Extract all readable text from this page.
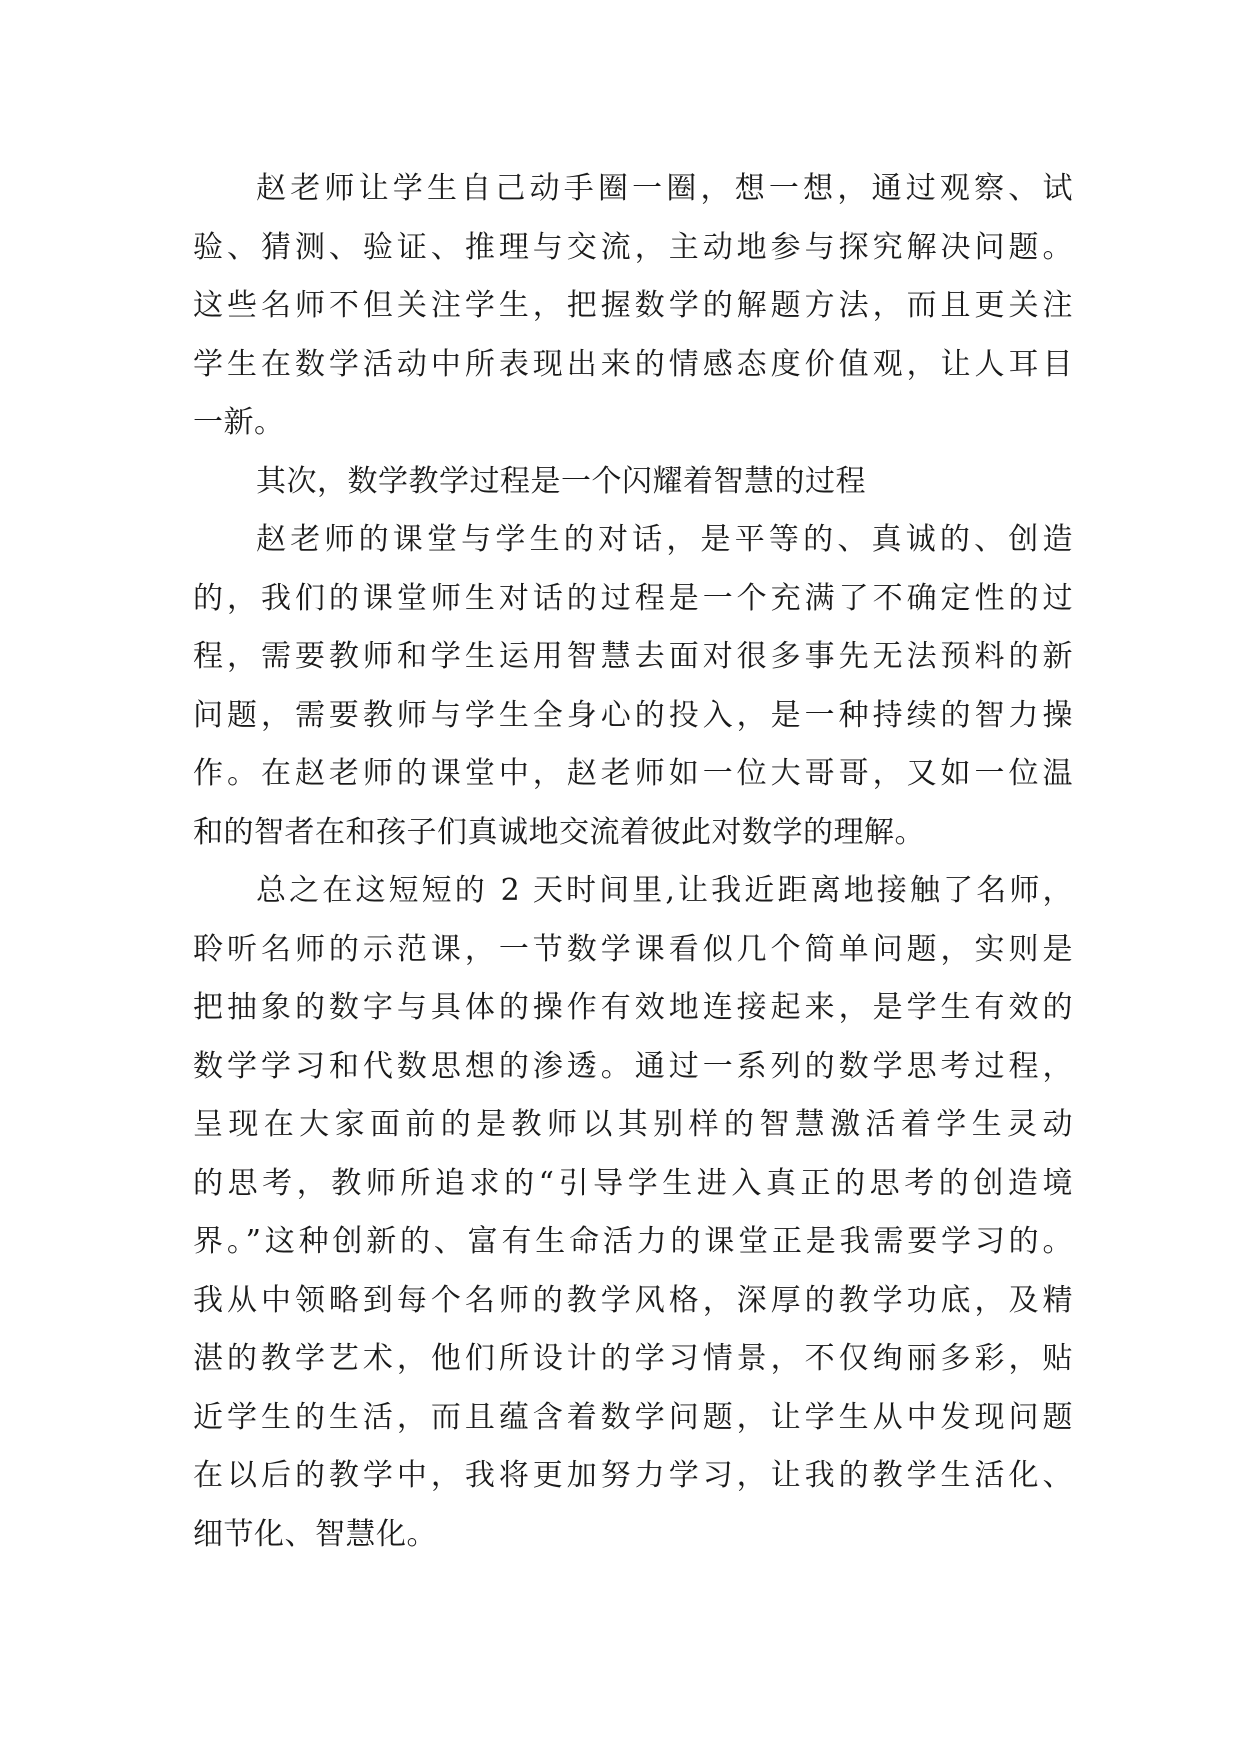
赵老师让学生自己动手圈一圈，想一想，通过观察、试
验、猜测、验证、推理与交流，主动地参与探究解决问题。
这些名师不但关注学生，把握数学的解题方法，而且更关注
学生在数学活动中所表现出来的情感态度价值观，让人耳目
一新。
其次，数学教学过程是一个闪耀着智慧的过程
赵老师的课堂与学生的对话，是平等的、真诚的、创造
的，我们的课堂师生对话的过程是一个充满了不确定性的过
程，需要教师和学生运用智慧去面对很多事先无法预料的新
问题，需要教师与学生全身心的投入，是一种持续的智力操
作。在赵老师的课堂中，赵老师如一位大哥哥，又如一位温
和的智者在和孩子们真诚地交流着彼此对数学的理解。
总之在这短短的 2 天时间里,让我近距离地接触了名师，
聆听名师的示范课，一节数学课看似几个简单问题，实则是
把抽象的数字与具体的操作有效地连接起来，是学生有效的
数学学习和代数思想的渗透。通过一系列的数学思考过程，
呈现在大家面前的是教师以其别样的智慧激活着学生灵动
的思考，教师所追求的“引导学生进入真正的思考的创造境
界。”这种创新的、富有生命活力的课堂正是我需要学习的。
我从中领略到每个名师的教学风格，深厚的教学功底，及精
湛的教学艺术，他们所设计的学习情景，不仅绚丽多彩，贴
近学生的生活，而且蕴含着数学问题，让学生从中发现问题
在以后的教学中，我将更加努力学习，让我的教学生活化、
细节化、智慧化。
